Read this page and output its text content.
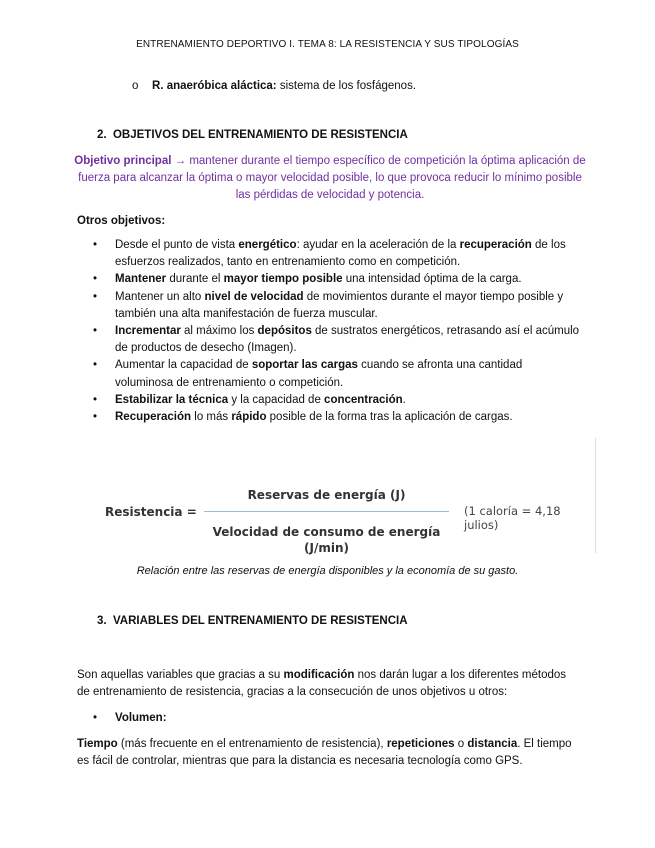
ENTRENAMIENTO DEPORTIVO I. TEMA 8: LA RESISTENCIA Y SUS TIPOLOGÍAS
o R. anaeróbica aláctica: sistema de los fosfágenos.
2. OBJETIVOS DEL ENTRENAMIENTO DE RESISTENCIA
Objetivo principal → mantener durante el tiempo específico de competición la óptima aplicación de fuerza para alcanzar la óptima o mayor velocidad posible, lo que provoca reducir lo mínimo posible las pérdidas de velocidad y potencia.
Otros objetivos:
• Desde el punto de vista energético: ayudar en la aceleración de la recuperación de los esfuerzos realizados, tanto en entrenamiento como en competición.
• Mantener durante el mayor tiempo posible una intensidad óptima de la carga.
• Mantener un alto nivel de velocidad de movimientos durante el mayor tiempo posible y también una alta manifestación de fuerza muscular.
• Incrementar al máximo los depósitos de sustratos energéticos, retrasando así el acúmulo de productos de desecho (Imagen).
• Aumentar la capacidad de soportar las cargas cuando se afronta una cantidad voluminosa de entrenamiento o competición.
• Estabilizar la técnica y la capacidad de concentración.
• Recuperación lo más rápido posible de la forma tras la aplicación de cargas.
Resistencia =
Reservas de energía (J)
Velocidad de consumo de energía
(J/min)
(1 caloría = 4,18 julios)
Relación entre las reservas de energía disponibles y la economía de su gasto.
3. VARIABLES DEL ENTRENAMIENTO DE RESISTENCIA
Son aquellas variables que gracias a su modificación nos darán lugar a los diferentes métodos de entrenamiento de resistencia, gracias a la consecución de unos objetivos u otros:
• Volumen:
Tiempo (más frecuente en el entrenamiento de resistencia), repeticiones o distancia. El tiempo es fácil de controlar, mientras que para la distancia es necesaria tecnología como GPS.
